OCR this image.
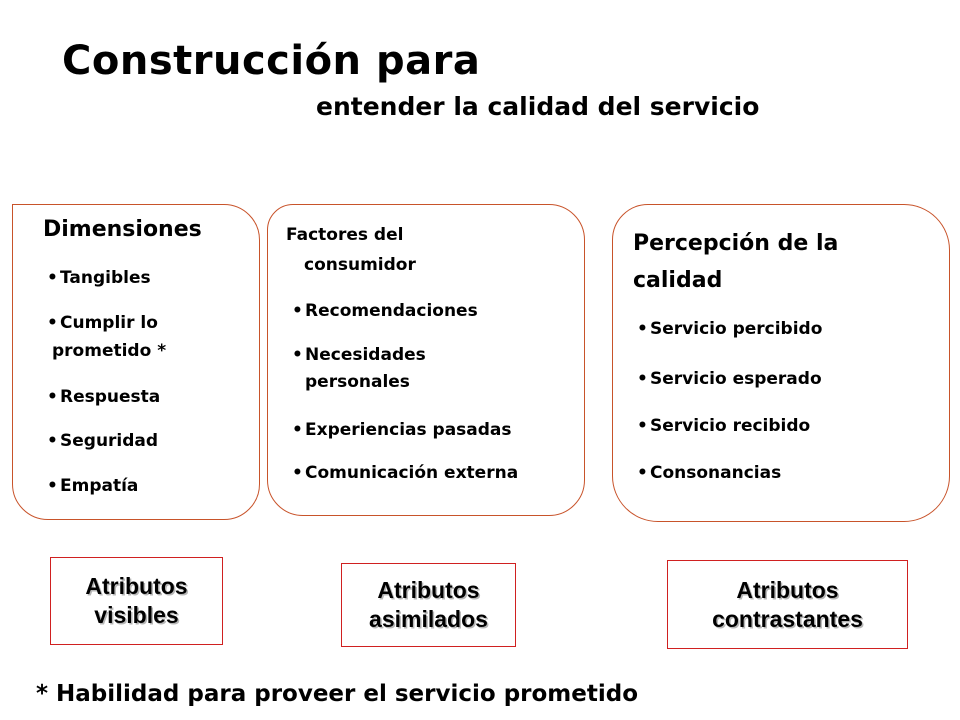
Construcción para
entender la calidad del servicio
Dimensiones
• Tangibles
• Cumplir lo
prometido *
• Respuesta
• Seguridad
• Empatía
Factores del
consumidor
• Recomendaciones
• Necesidades
personales
• Experiencias pasadas
• Comunicación externa
Percepción de la
calidad
• Servicio percibido
• Servicio esperado
• Servicio recibido
• Consonancias
Atributos
visibles
Atributos
asimilados
Atributos
contrastantes
* Habilidad para proveer el servicio prometido
